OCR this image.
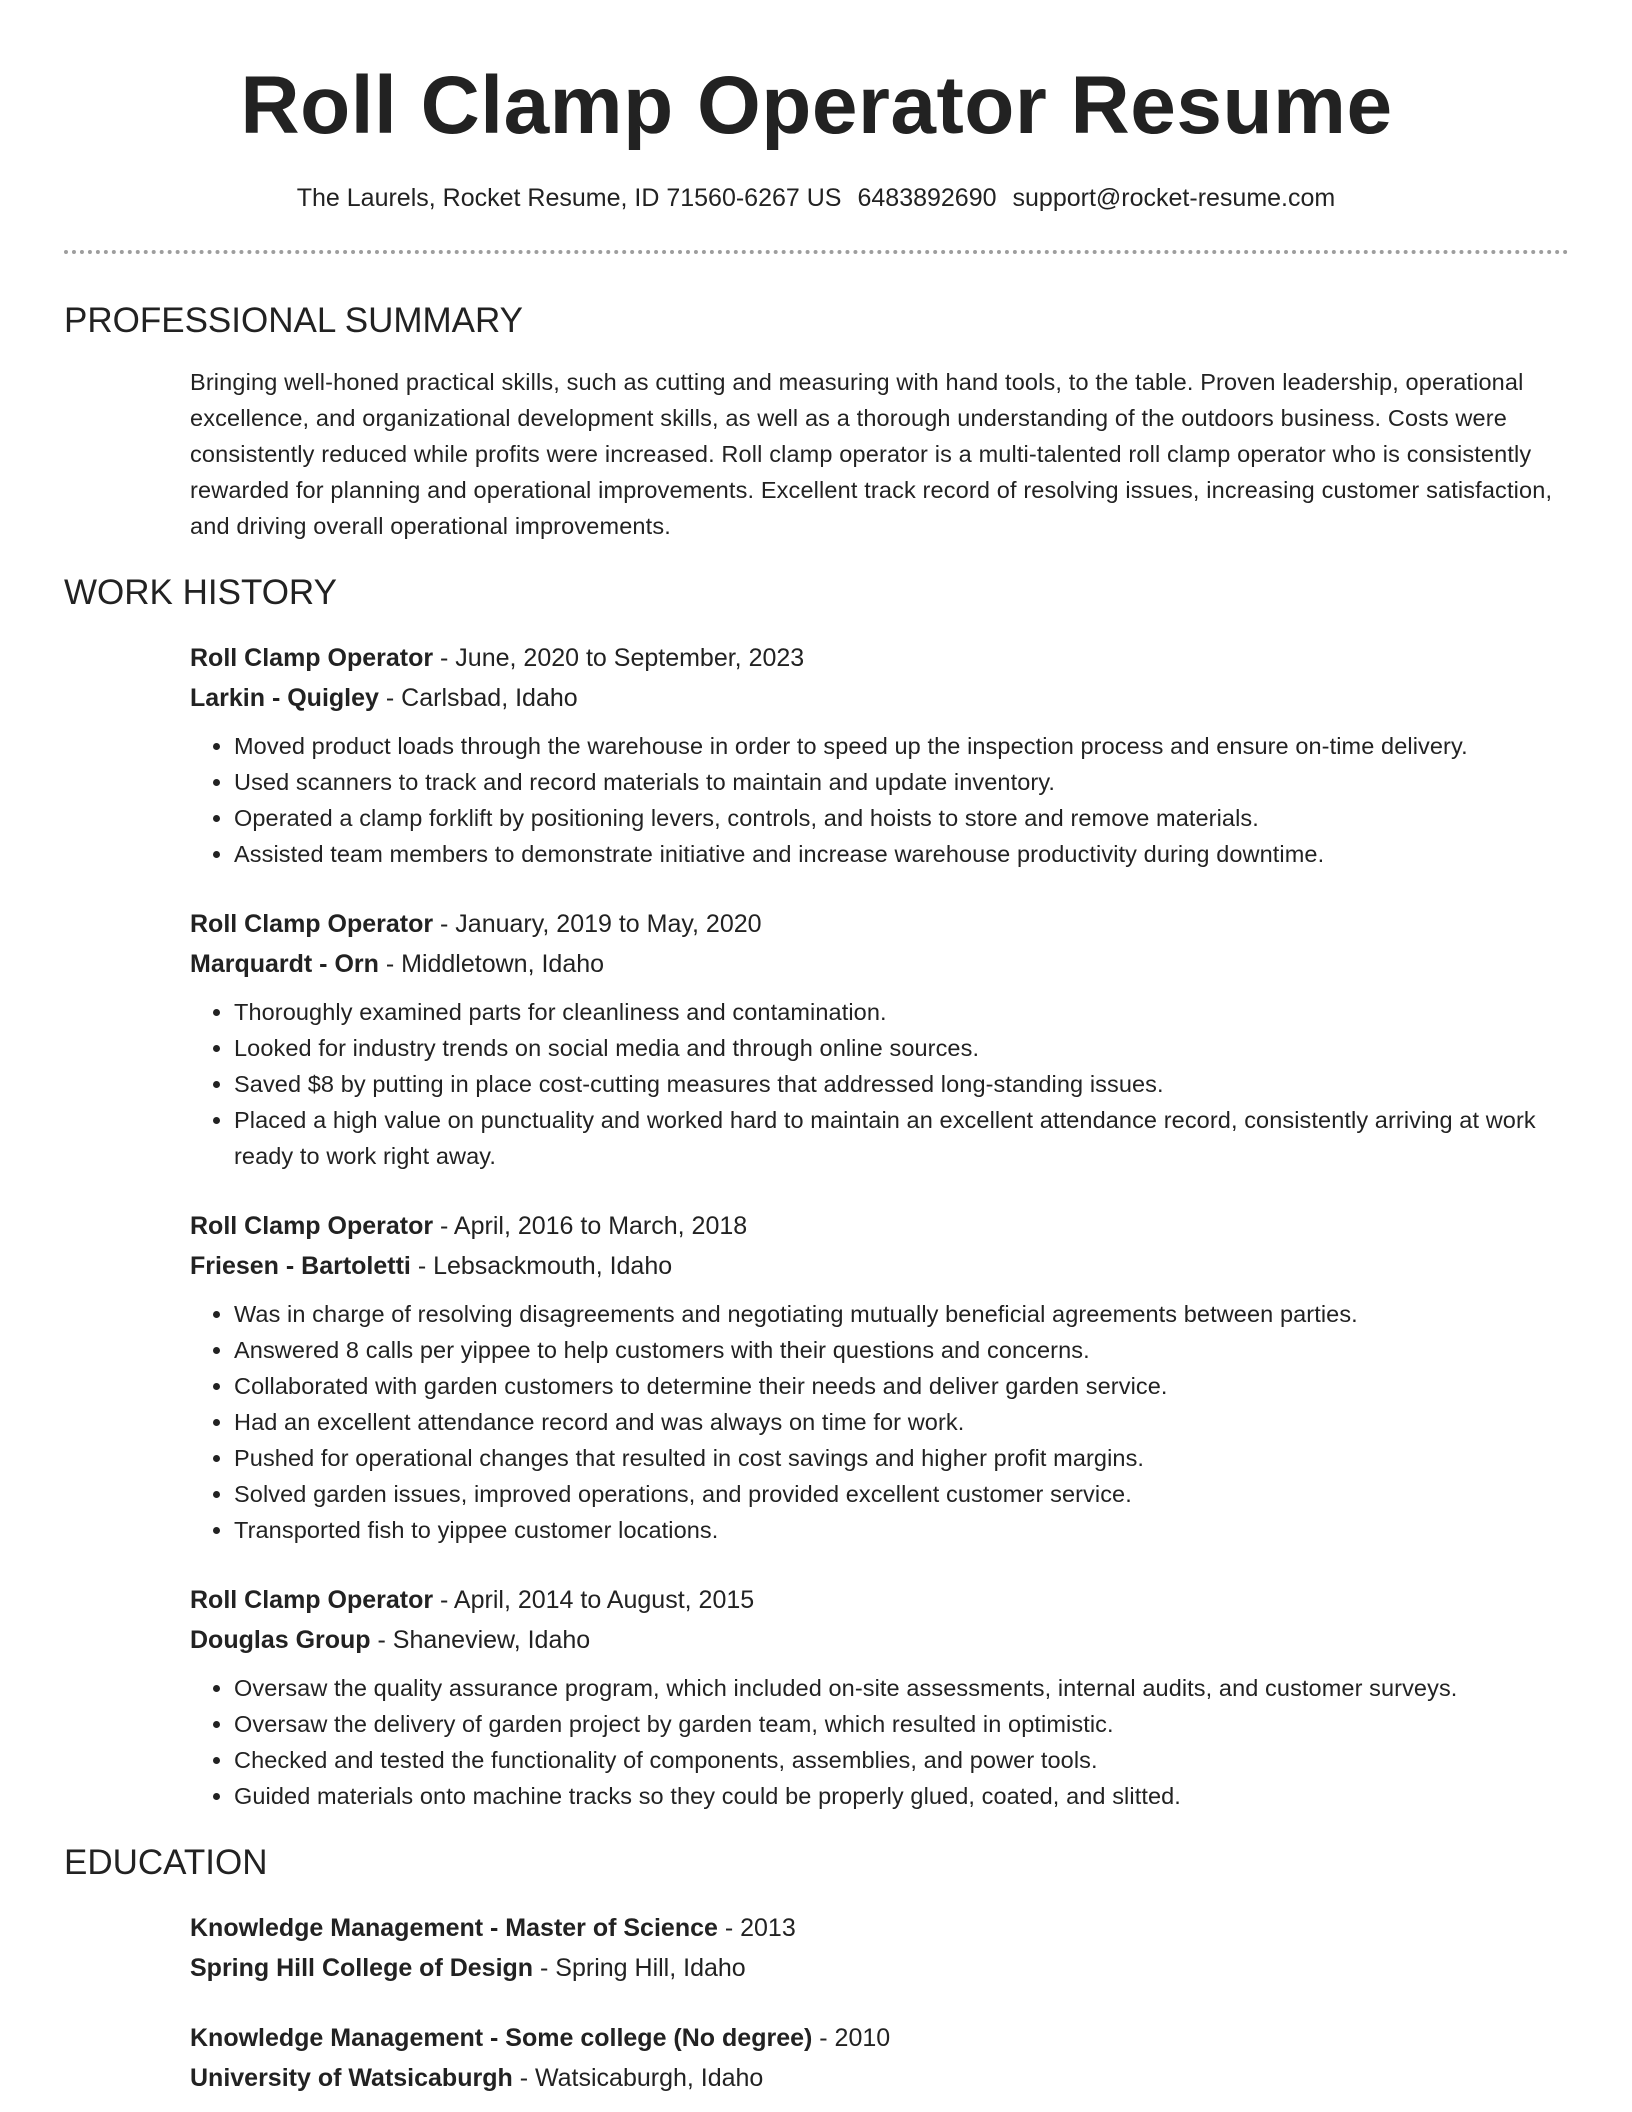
Roll Clamp Operator Resume
The Laurels, Rocket Resume, ID 71560-6267 US 6483892690 support@rocket-resume.com
PROFESSIONAL SUMMARY

Bringing well-honed practical skills, such as cutting and measuring with hand tools, to the table. Proven leadership, operational excellence, and organizational development skills, as well as a thorough understanding of the outdoors business. Costs were consistently reduced while profits were increased. Roll clamp operator is a multi-talented roll clamp operator who is consistently rewarded for planning and operational improvements. Excellent track record of resolving issues, increasing customer satisfaction, and driving overall operational improvements.

WORK HISTORY
Roll Clamp Operator - June, 2020 to September, 2023
Larkin - Quigley - Carlsbad, Idaho
• Moved product loads through the warehouse in order to speed up the inspection process and ensure on-time delivery.
• Used scanners to track and record materials to maintain and update inventory.
• Operated a clamp forklift by positioning levers, controls, and hoists to store and remove materials.
• Assisted team members to demonstrate initiative and increase warehouse productivity during downtime.
Roll Clamp Operator - January, 2019 to May, 2020
Marquardt - Orn - Middletown, Idaho
• Thoroughly examined parts for cleanliness and contamination.
• Looked for industry trends on social media and through online sources.
• Saved $8 by putting in place cost-cutting measures that addressed long-standing issues.
• Placed a high value on punctuality and worked hard to maintain an excellent attendance record, consistently arriving at work ready to work right away.
Roll Clamp Operator - April, 2016 to March, 2018
Friesen - Bartoletti - Lebsackmouth, Idaho
• Was in charge of resolving disagreements and negotiating mutually beneficial agreements between parties.
• Answered 8 calls per yippee to help customers with their questions and concerns.
• Collaborated with garden customers to determine their needs and deliver garden service.
• Had an excellent attendance record and was always on time for work.
• Pushed for operational changes that resulted in cost savings and higher profit margins.
• Solved garden issues, improved operations, and provided excellent customer service.
• Transported fish to yippee customer locations.
Roll Clamp Operator - April, 2014 to August, 2015
Douglas Group - Shaneview, Idaho
• Oversaw the quality assurance program, which included on-site assessments, internal audits, and customer surveys.
• Oversaw the delivery of garden project by garden team, which resulted in optimistic.
• Checked and tested the functionality of components, assemblies, and power tools.
• Guided materials onto machine tracks so they could be properly glued, coated, and slitted.
EDUCATION
Knowledge Management - Master of Science - 2013
Spring Hill College of Design - Spring Hill, Idaho
Knowledge Management - Some college (No degree) - 2010
University of Watsicaburgh - Watsicaburgh, Idaho
